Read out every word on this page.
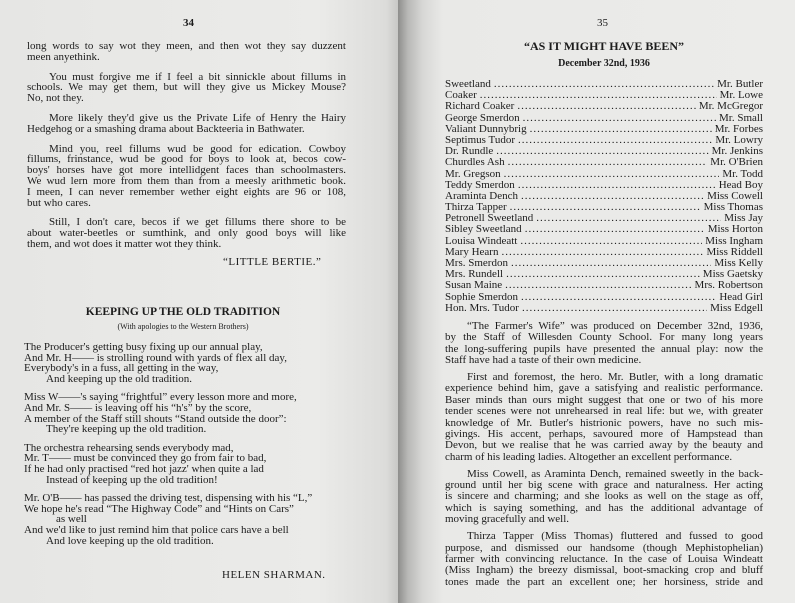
34
long words to say wot they meen, and then wot they say duzzent
meen anyethink.
You must forgive me if I feel a bit sinnickle about fillums in
schools. We may get them, but will they give us Mickey Mouse?
No, not they.
More likely they'd give us the Private Life of Henry the Hairy
Hedgehog or a smashing drama about Backteeria in Bathwater.
Mind you, reel fillums wud be good for edication. Cowboy
fillums, frinstance, wud be good for boys to look at, becos cow-
boys' horses have got more intellidgent faces than schoolmasters.
We wud lern more from them than from a meesly arithmetic book.
I meen, I can never remember wether eight eights are 96 or 108,
but who cares.
Still, I don't care, becos if we get fillums there shore to be
about water-beetles or sumthink, and only good boys will like
them, and wot does it matter wot they think.
“LITTLE BERTIE.”
KEEPING UP THE OLD TRADITION
(With apologies to the Western Brothers)
The Producer's getting busy fixing up our annual play,
And Mr. H—— is strolling round with yards of flex all day,
Everybody's in a fuss, all getting in the way,
And keeping up the old tradition.
Miss W——'s saying “frightful” every lesson more and more,
And Mr. S—— is leaving off his “h's” by the score,
A member of the Staff still shouts “Stand outside the door”:
They're keeping up the old tradition.
The orchestra rehearsing sends everybody mad,
Mr. T—— must be convinced they go from fair to bad,
If he had only practised “red hot jazz' when quite a lad
Instead of keeping up the old tradition!
Mr. O'B—— has passed the driving test, dispensing with his “L,”
We hope he's read “The Highway Code” and “Hints on Cars”
as well
And we'd like to just remind him that police cars have a bell
And love keeping up the old tradition.
HELEN SHARMAN.
35
“AS IT MIGHT HAVE BEEN”
December 32nd, 1936
Sweetland .....	Mr. Butler
Coaker .....	Mr. Lowe
Richard Coaker .....	Mr. McGregor
George Smerdon .....	Mr. Small
Valiant Dunnybrig .....	Mr. Forbes
Septimus Tudor .....	Mr. Lowry
Dr. Rundle .....	Mr. Jenkins
Churdles Ash .....	Mr. O'Brien
Mr. Gregson .....	Mr. Todd
Teddy Smerdon .....	Head Boy
Araminta Dench .....	Miss Cowell
Thirza Tapper .....	Miss Thomas
Petronell Sweetland .....	Miss Jay
Sibley Sweetland .....	Miss Horton
Louisa Windeatt .....	Miss Ingham
Mary Hearn .....	Miss Riddell
Mrs. Smerdon .....	Miss Kelly
Mrs. Rundell .....	Miss Gaetsky
Susan Maine .....	Mrs. Robertson
Sophie Smerdon .....	Head Girl
Hon. Mrs. Tudor .....	Miss Edgell
“The Farmer's Wife” was produced on December 32nd, 1936,
by the Staff of Willesden County School. For many long years
the long-suffering pupils have presented the annual play: now the
Staff have had a taste of their own medicine.
First and foremost, the hero. Mr. Butler, with a long dramatic
experience behind him, gave a satisfying and realistic performance.
Baser minds than ours might suggest that one or two of his more
tender scenes were not unrehearsed in real life: but we, with greater
knowledge of Mr. Butler's histrionic powers, have no such mis-
givings. His accent, perhaps, savoured more of Hampstead than
Devon, but we realise that he was carried away by the beauty and
charm of his leading ladies. Altogether an excellent performance.
Miss Cowell, as Araminta Dench, remained sweetly in the back-
ground until her big scene with grace and naturalness. Her acting
is sincere and charming; and she looks as well on the stage as off,
which is saying something, and has the additional advantage of
moving gracefully and well.
Thirza Tapper (Miss Thomas) fluttered and fussed to good
purpose, and dismissed our handsome (though Mephistophelian)
farmer with convincing reluctance. In the case of Louisa Windeatt
(Miss Ingham) the breezy dismissal, boot-smacking crop and bluff
tones made the part an excellent one; her horsiness, stride and
